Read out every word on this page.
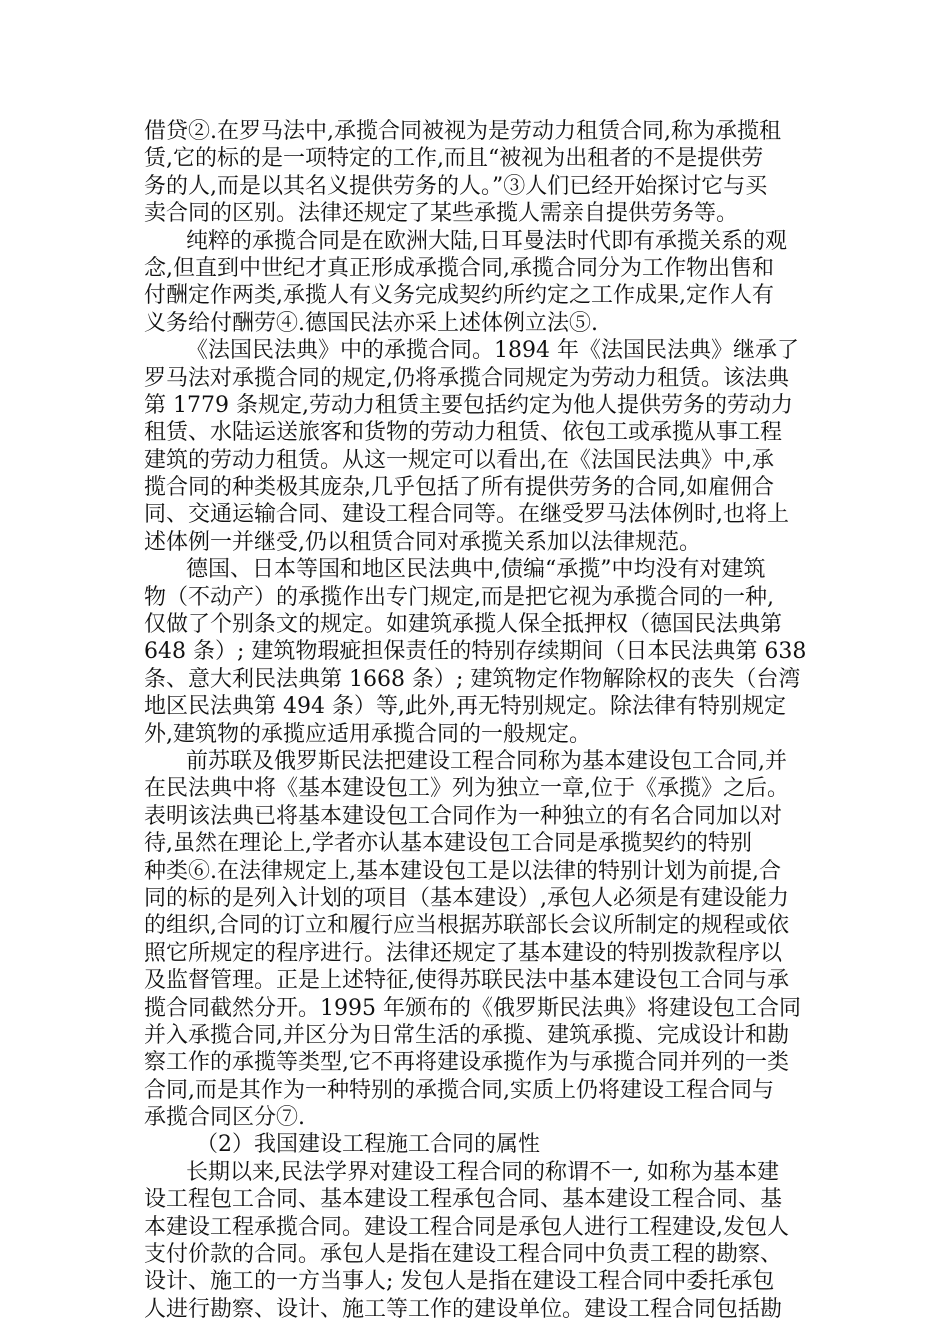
借贷②.在罗马法中,承揽合同被视为是劳动力租赁合同,称为承揽租
赁,它的标的是一项特定的工作,而且“被视为出租者的不是提供劳
务的人,而是以其名义提供劳务的人。”③人们已经开始探讨它与买
卖合同的区别。法律还规定了某些承揽人需亲自提供劳务等。
纯粹的承揽合同是在欧洲大陆,日耳曼法时代即有承揽关系的观
念,但直到中世纪才真正形成承揽合同,承揽合同分为工作物出售和
付酬定作两类,承揽人有义务完成契约所约定之工作成果,定作人有
义务给付酬劳④.德国民法亦采上述体例立法⑤.
《法国民法典》中的承揽合同。1894 年《法国民法典》继承了
罗马法对承揽合同的规定,仍将承揽合同规定为劳动力租赁。该法典
第 1779 条规定,劳动力租赁主要包括约定为他人提供劳务的劳动力
租赁、水陆运送旅客和货物的劳动力租赁、依包工或承揽从事工程
建筑的劳动力租赁。从这一规定可以看出,在《法国民法典》中,承
揽合同的种类极其庞杂,几乎包括了所有提供劳务的合同,如雇佣合
同、交通运输合同、建设工程合同等。在继受罗马法体例时,也将上
述体例一并继受,仍以租赁合同对承揽关系加以法律规范。
德国、日本等国和地区民法典中,债编“承揽”中均没有对建筑
物（不动产）的承揽作出专门规定,而是把它视为承揽合同的一种,
仅做了个别条文的规定。如建筑承揽人保全抵押权（德国民法典第
648 条）; 建筑物瑕疵担保责任的特别存续期间（日本民法典第 638
条、意大利民法典第 1668 条）; 建筑物定作物解除权的丧失（台湾
地区民法典第 494 条）等,此外,再无特别规定。除法律有特别规定
外,建筑物的承揽应适用承揽合同的一般规定。
前苏联及俄罗斯民法把建设工程合同称为基本建设包工合同,并
在民法典中将《基本建设包工》列为独立一章,位于《承揽》之后。
表明该法典已将基本建设包工合同作为一种独立的有名合同加以对
待,虽然在理论上,学者亦认基本建设包工合同是承揽契约的特别
种类⑥.在法律规定上,基本建设包工是以法律的特别计划为前提,合
同的标的是列入计划的项目（基本建设）,承包人必须是有建设能力
的组织,合同的订立和履行应当根据苏联部长会议所制定的规程或依
照它所规定的程序进行。法律还规定了基本建设的特别拨款程序以
及监督管理。正是上述特征,使得苏联民法中基本建设包工合同与承
揽合同截然分开。1995 年颁布的《俄罗斯民法典》将建设包工合同
并入承揽合同,并区分为日常生活的承揽、建筑承揽、完成设计和勘
察工作的承揽等类型,它不再将建设承揽作为与承揽合同并列的一类
合同,而是其作为一种特别的承揽合同,实质上仍将建设工程合同与
承揽合同区分⑦.
（2）我国建设工程施工合同的属性
长期以来,民法学界对建设工程合同的称谓不一, 如称为基本建
设工程包工合同、基本建设工程承包合同、基本建设工程合同、基
本建设工程承揽合同。建设工程合同是承包人进行工程建设,发包人
支付价款的合同。承包人是指在建设工程合同中负责工程的勘察、
设计、施工的一方当事人; 发包人是指在建设工程合同中委托承包
人进行勘察、设计、施工等工作的建设单位。建设工程合同包括勘
